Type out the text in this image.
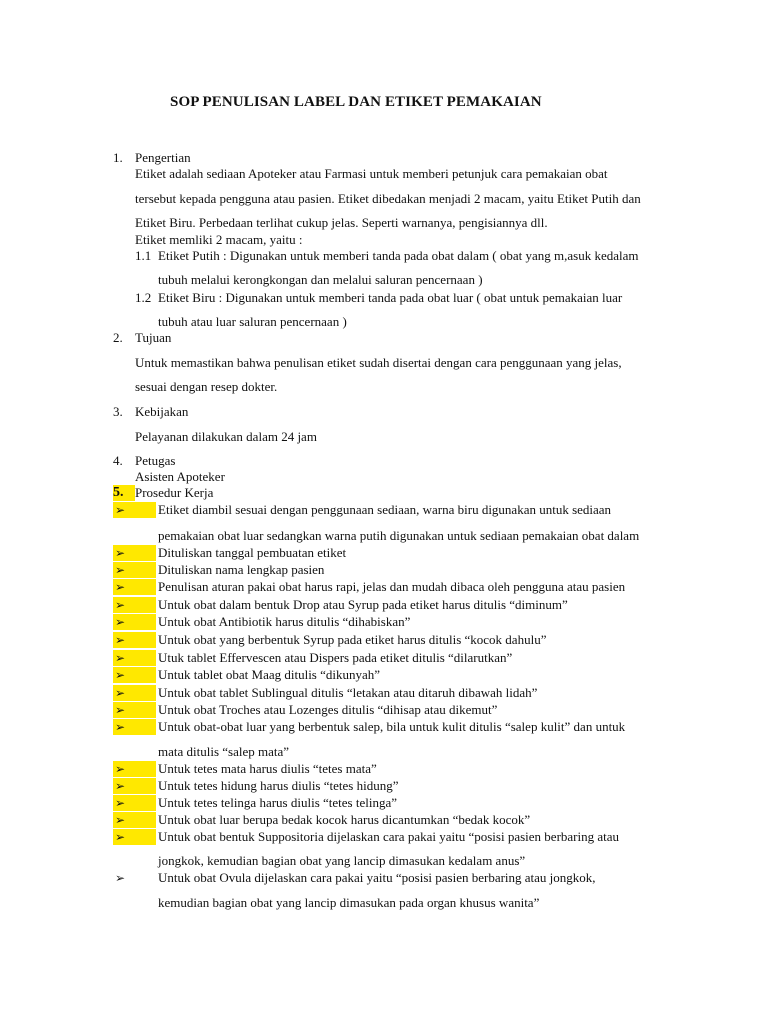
SOP PENULISAN LABEL DAN ETIKET PEMAKAIAN
1. Pengertian
Etiket adalah sediaan Apoteker atau Farmasi untuk memberi petunjuk cara pemakaian obat
tersebut kepada pengguna atau pasien. Etiket dibedakan menjadi 2 macam, yaitu Etiket Putih dan
Etiket Biru. Perbedaan terlihat cukup jelas. Seperti warnanya, pengisiannya dll.
Etiket memliki 2 macam, yaitu :
1.1 Etiket Putih : Digunakan untuk memberi tanda pada obat dalam ( obat yang m,asuk kedalam
tubuh melalui kerongkongan dan melalui saluran pencernaan )
1.2 Etiket Biru : Digunakan untuk memberi tanda pada obat luar ( obat untuk pemakaian luar
tubuh atau luar saluran pencernaan )
2. Tujuan
Untuk memastikan bahwa penulisan etiket sudah disertai dengan cara penggunaan yang jelas,
sesuai dengan resep dokter.
3. Kebijakan
Pelayanan dilakukan dalam 24 jam
4. Petugas
Asisten Apoteker
5. Prosedur Kerja
➢	Etiket diambil sesuai dengan penggunaan sediaan, warna biru digunakan untuk sediaan
pemakaian obat luar sedangkan warna putih digunakan untuk sediaan pemakaian obat dalam
➢	Dituliskan tanggal pembuatan etiket
➢	Dituliskan nama lengkap pasien
➢	Penulisan aturan pakai obat harus rapi, jelas dan mudah dibaca oleh pengguna atau pasien
➢	Untuk obat dalam bentuk Drop atau Syrup pada etiket harus ditulis “diminum”
➢	Untuk obat Antibiotik harus ditulis “dihabiskan”
➢	Untuk obat yang berbentuk Syrup pada etiket harus ditulis “kocok dahulu”
➢	Utuk tablet Effervescen atau Dispers pada etiket ditulis “dilarutkan”
➢	Untuk tablet obat Maag ditulis “dikunyah”
➢	Untuk obat tablet Sublingual ditulis “letakan atau ditaruh dibawah lidah”
➢	Untuk obat Troches atau Lozenges ditulis “dihisap atau dikemut”
➢	Untuk obat-obat luar yang berbentuk salep, bila untuk kulit ditulis “salep kulit” dan untuk
mata ditulis “salep mata”
➢	Untuk tetes mata harus diulis “tetes mata”
➢	Untuk tetes hidung harus diulis “tetes hidung”
➢	Untuk tetes telinga harus diulis “tetes telinga”
➢	Untuk obat luar berupa bedak kocok harus dicantumkan “bedak kocok”
➢	Untuk obat bentuk Suppositoria dijelaskan cara pakai yaitu “posisi pasien berbaring atau
jongkok, kemudian bagian obat yang lancip dimasukan kedalam anus”
➢	Untuk obat Ovula dijelaskan cara pakai yaitu “posisi pasien berbaring atau jongkok,
kemudian bagian obat yang lancip dimasukan pada organ khusus wanita”
